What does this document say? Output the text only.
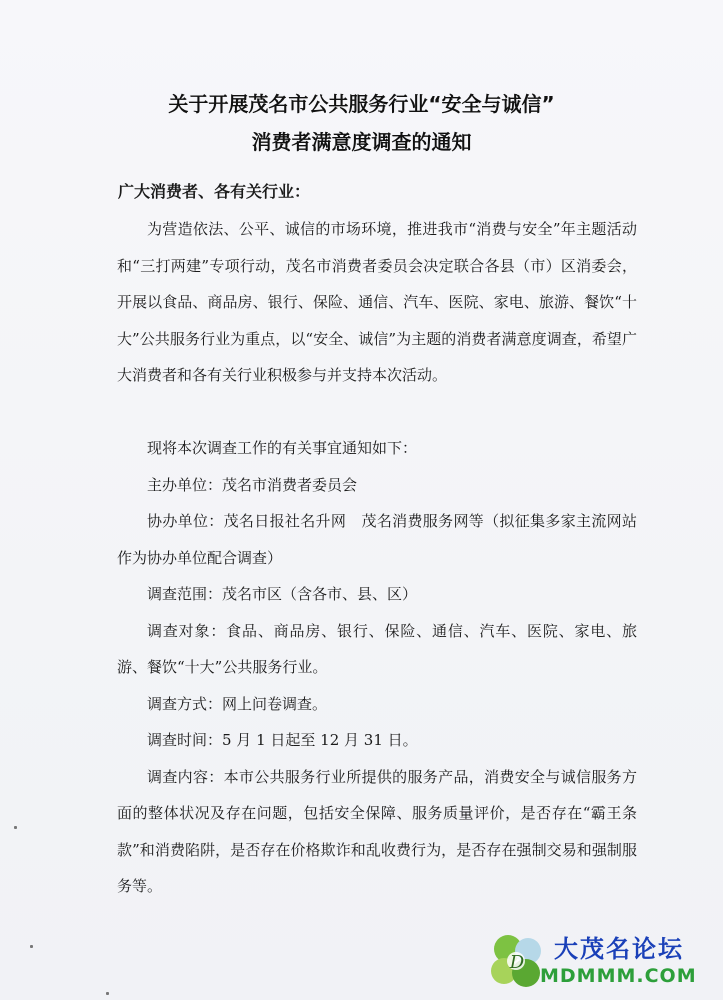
关于开展茂名市公共服务行业“安全与诚信”
消费者满意度调查的通知
广大消费者、各有关行业：

为营造依法、公平、诚信的市场环境，推进我市“消费与安全”年主题活动和“三打两建”专项行动，茂名市消费者委员会决定联合各县（市）区消委会，开展以食品、商品房、银行、保险、通信、汽车、医院、家电、旅游、餐饮“十大”公共服务行业为重点，以“安全、诚信”为主题的消费者满意度调查，希望广大消费者和各有关行业积极参与并支持本次活动。

现将本次调查工作的有关事宜通知如下：

主办单位：茂名市消费者委员会

协办单位：茂名日报社名升网　茂名消费服务网等（拟征集多家主流网站作为协办单位配合调查）

调查范围：茂名市区（含各市、县、区）

调查对象：食品、商品房、银行、保险、通信、汽车、医院、家电、旅游、餐饮“十大”公共服务行业。

调查方式：网上问卷调查。

调查时间：5 月 1 日起至 12 月 31 日。

调查内容：本市公共服务行业所提供的服务产品，消费安全与诚信服务方面的整体状况及存在问题，包括安全保障、服务质量评价，是否存在“霸王条款”和消费陷阱，是否存在价格欺诈和乱收费行为，是否存在强制交易和强制服务等。

D 大茂名论坛
MDMMM.COM
